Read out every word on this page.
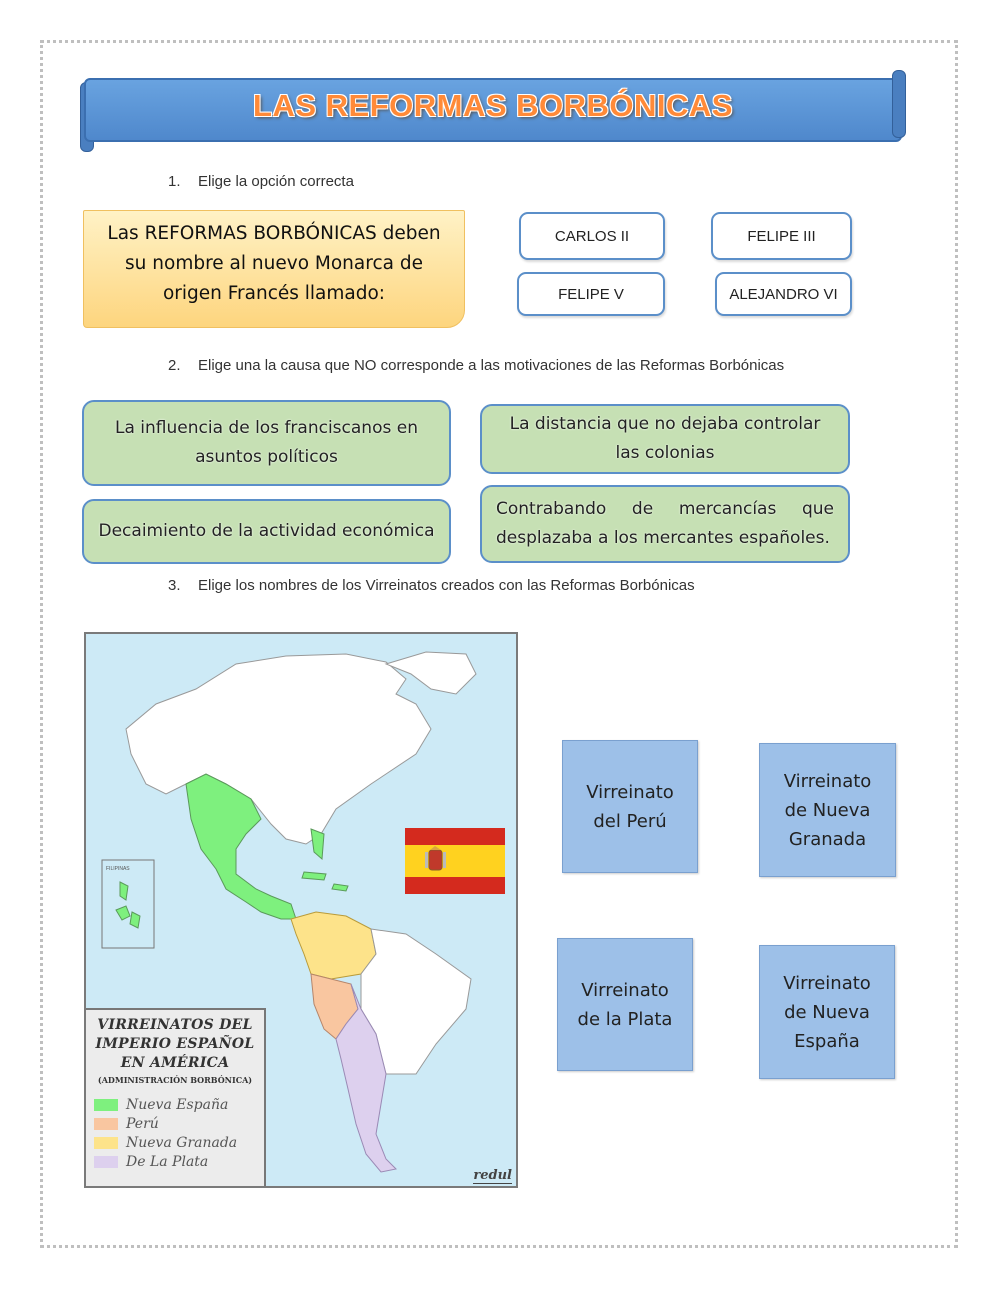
LAS REFORMAS BORBÓNICAS
1. Elige la opción correcta
Las REFORMAS BORBÓNICAS deben su nombre al nuevo Monarca de origen Francés llamado:
CARLOS II	FELIPE III
FELIPE V	ALEJANDRO VI
2. Elige una la causa que NO corresponde a las motivaciones de las Reformas Borbónicas
La influencia de los franciscanos en asuntos políticos
La distancia que no dejaba controlar las colonias
Decaimiento de la actividad económica
Contrabando de mercancías que desplazaba a los mercantes españoles.
3. Elige los nombres de los Virreinatos creados con las Reformas Borbónicas
FILIPINAS
VIRREINATOS DEL IMPERIO ESPAÑOL EN AMÉRICA
(ADMINISTRACIÓN BORBÓNICA)
Nueva España
Perú
Nueva Granada
De La Plata
redul
Virreinato del Perú
Virreinato de Nueva Granada
Virreinato de la Plata
Virreinato de Nueva España
